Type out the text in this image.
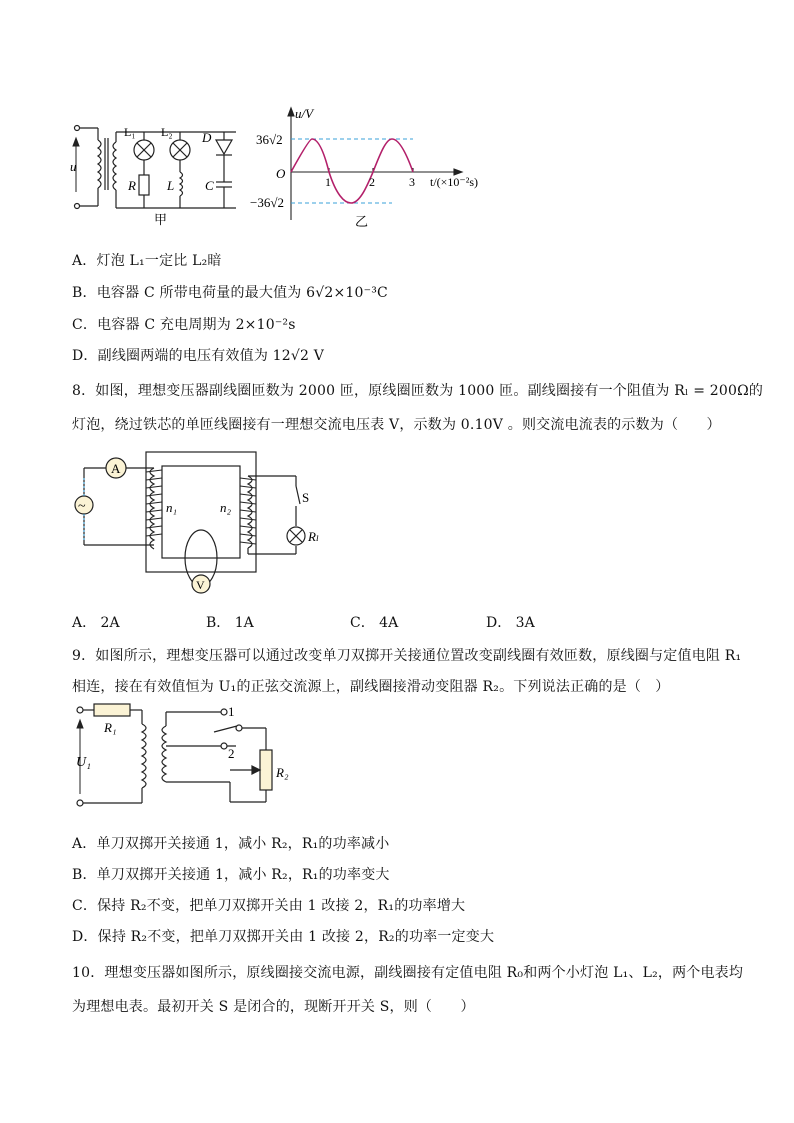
u
L₁ L₂
R L
D
C
甲
u/V
36√2
O
−36√2
1	2	3 t/(×10⁻²s)
乙
A．灯泡 L₁一定比 L₂暗
B．电容器 C 所带电荷量的最大值为 6√2×10⁻³C
C．电容器 C 充电周期为 2×10⁻²s
D．副线圈两端的电压有效值为 12√2 V
8．如图，理想变压器副线圈匝数为 2000 匝，原线圈匝数为 1000 匝。副线圈接有一个阻值为 Rₗ = 200Ω的
灯泡，绕过铁芯的单匝线圈接有一理想交流电压表 V，示数为 0.10V 。则交流电流表的示数为（　　）
A
~
V
n₁	n₂
S
Rₗ
A． 2A	B． 1A	C． 4A	D． 3A
9．如图所示，理想变压器可以通过改变单刀双掷开关接通位置改变副线圈有效匝数，原线圈与定值电阻 R₁
相连，接在有效值恒为 U₁的正弦交流源上，副线圈接滑动变阻器 R₂。下列说法正确的是（　）
R₁
U₁
1
2
R₂
A．单刀双掷开关接通 1，减小 R₂，R₁的功率减小
B．单刀双掷开关接通 1，减小 R₂，R₁的功率变大
C．保持 R₂不变，把单刀双掷开关由 1 改接 2，R₁的功率增大
D．保持 R₂不变，把单刀双掷开关由 1 改接 2，R₂的功率一定变大
10．理想变压器如图所示，原线圈接交流电源，副线圈接有定值电阻 R₀和两个小灯泡 L₁、L₂，两个电表均
为理想电表。最初开关 S 是闭合的，现断开开关 S，则（　　）
